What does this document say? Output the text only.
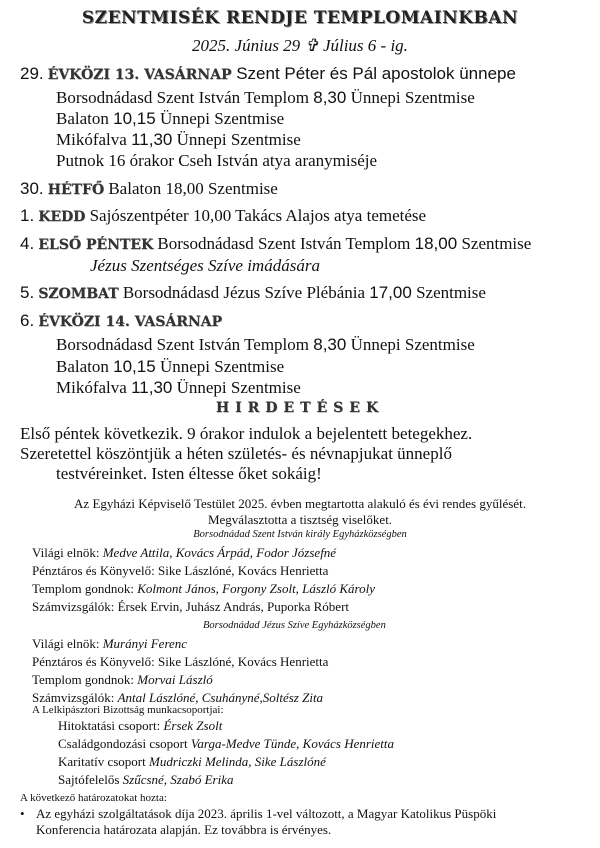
SZENTMISÉK RENDJE TEMPLOMAINKBAN
2025. Június 29 ✞ Július 6 - ig.
29. ÉVKÖZI 13. VASÁRNAP Szent Péter és Pál apostolok ünnepe
Borsodnádasd Szent István Templom 8,30 Ünnepi Szentmise
Balaton 10,15 Ünnepi Szentmise
Mikófalva 11,30 Ünnepi Szentmise
Putnok 16 órakor Cseh István atya aranymiséje
30. HÉTFŐ Balaton 18,00 Szentmise
1. KEDD Sajószentpéter 10,00 Takács Alajos atya temetése
4. ELSŐ PÉNTEK Borsodnádasd Szent István Templom 18,00 Szentmise
Jézus Szentséges Szíve imádására
5. SZOMBAT Borsodnádasd Jézus Szíve Plébánia 17,00 Szentmise
6. ÉVKÖZI 14. VASÁRNAP
Borsodnádasd Szent István Templom 8,30 Ünnepi Szentmise
Balaton 10,15 Ünnepi Szentmise
Mikófalva 11,30 Ünnepi Szentmise
HIRDETÉSEK
Első péntek következik. 9 órakor indulok a bejelentett betegekhez.
Szeretettel köszöntjük a héten születés- és névnapjukat ünneplő
testvéreinket. Isten éltesse őket sokáig!
Az Egyházi Képviselő Testület 2025. évben megtartotta alakuló és évi rendes gyűlését.
Megválasztotta a tisztség viselőket.
Borsodnádad Szent István király Egyházközségben
Világi elnök: Medve Attila, Kovács Árpád, Fodor Józsefné
Pénztáros és Könyvelő: Sike Lászlóné, Kovács Henrietta
Templom gondnok: Kolmont János, Forgony Zsolt, László Károly
Számvizsgálók: Érsek Ervin, Juhász András, Puporka Róbert
Borsodnádad Jézus Szíve Egyházközségben
Világi elnök: Murányi Ferenc
Pénztáros és Könyvelő: Sike Lászlóné, Kovács Henrietta
Templom gondnok: Morvai László
Számvizsgálók: Antal Lászlóné, Csuhányné,Soltész Zita
A Lelkipásztori Bizottság munkacsoportjai:
Hitoktatási csoport: Érsek Zsolt
Családgondozási csoport Varga-Medve Tünde, Kovács Henrietta
Karitatív csoport Mudriczki Melinda, Sike Lászlóné
Sajtófelelős Szűcsné, Szabó Erika
A következő határozatokat hozta:
• Az egyházi szolgáltatások díja 2023. április 1-vel változott, a Magyar Katolikus Püspöki
Konferencia határozata alapján. Ez továbbra is érvényes.
